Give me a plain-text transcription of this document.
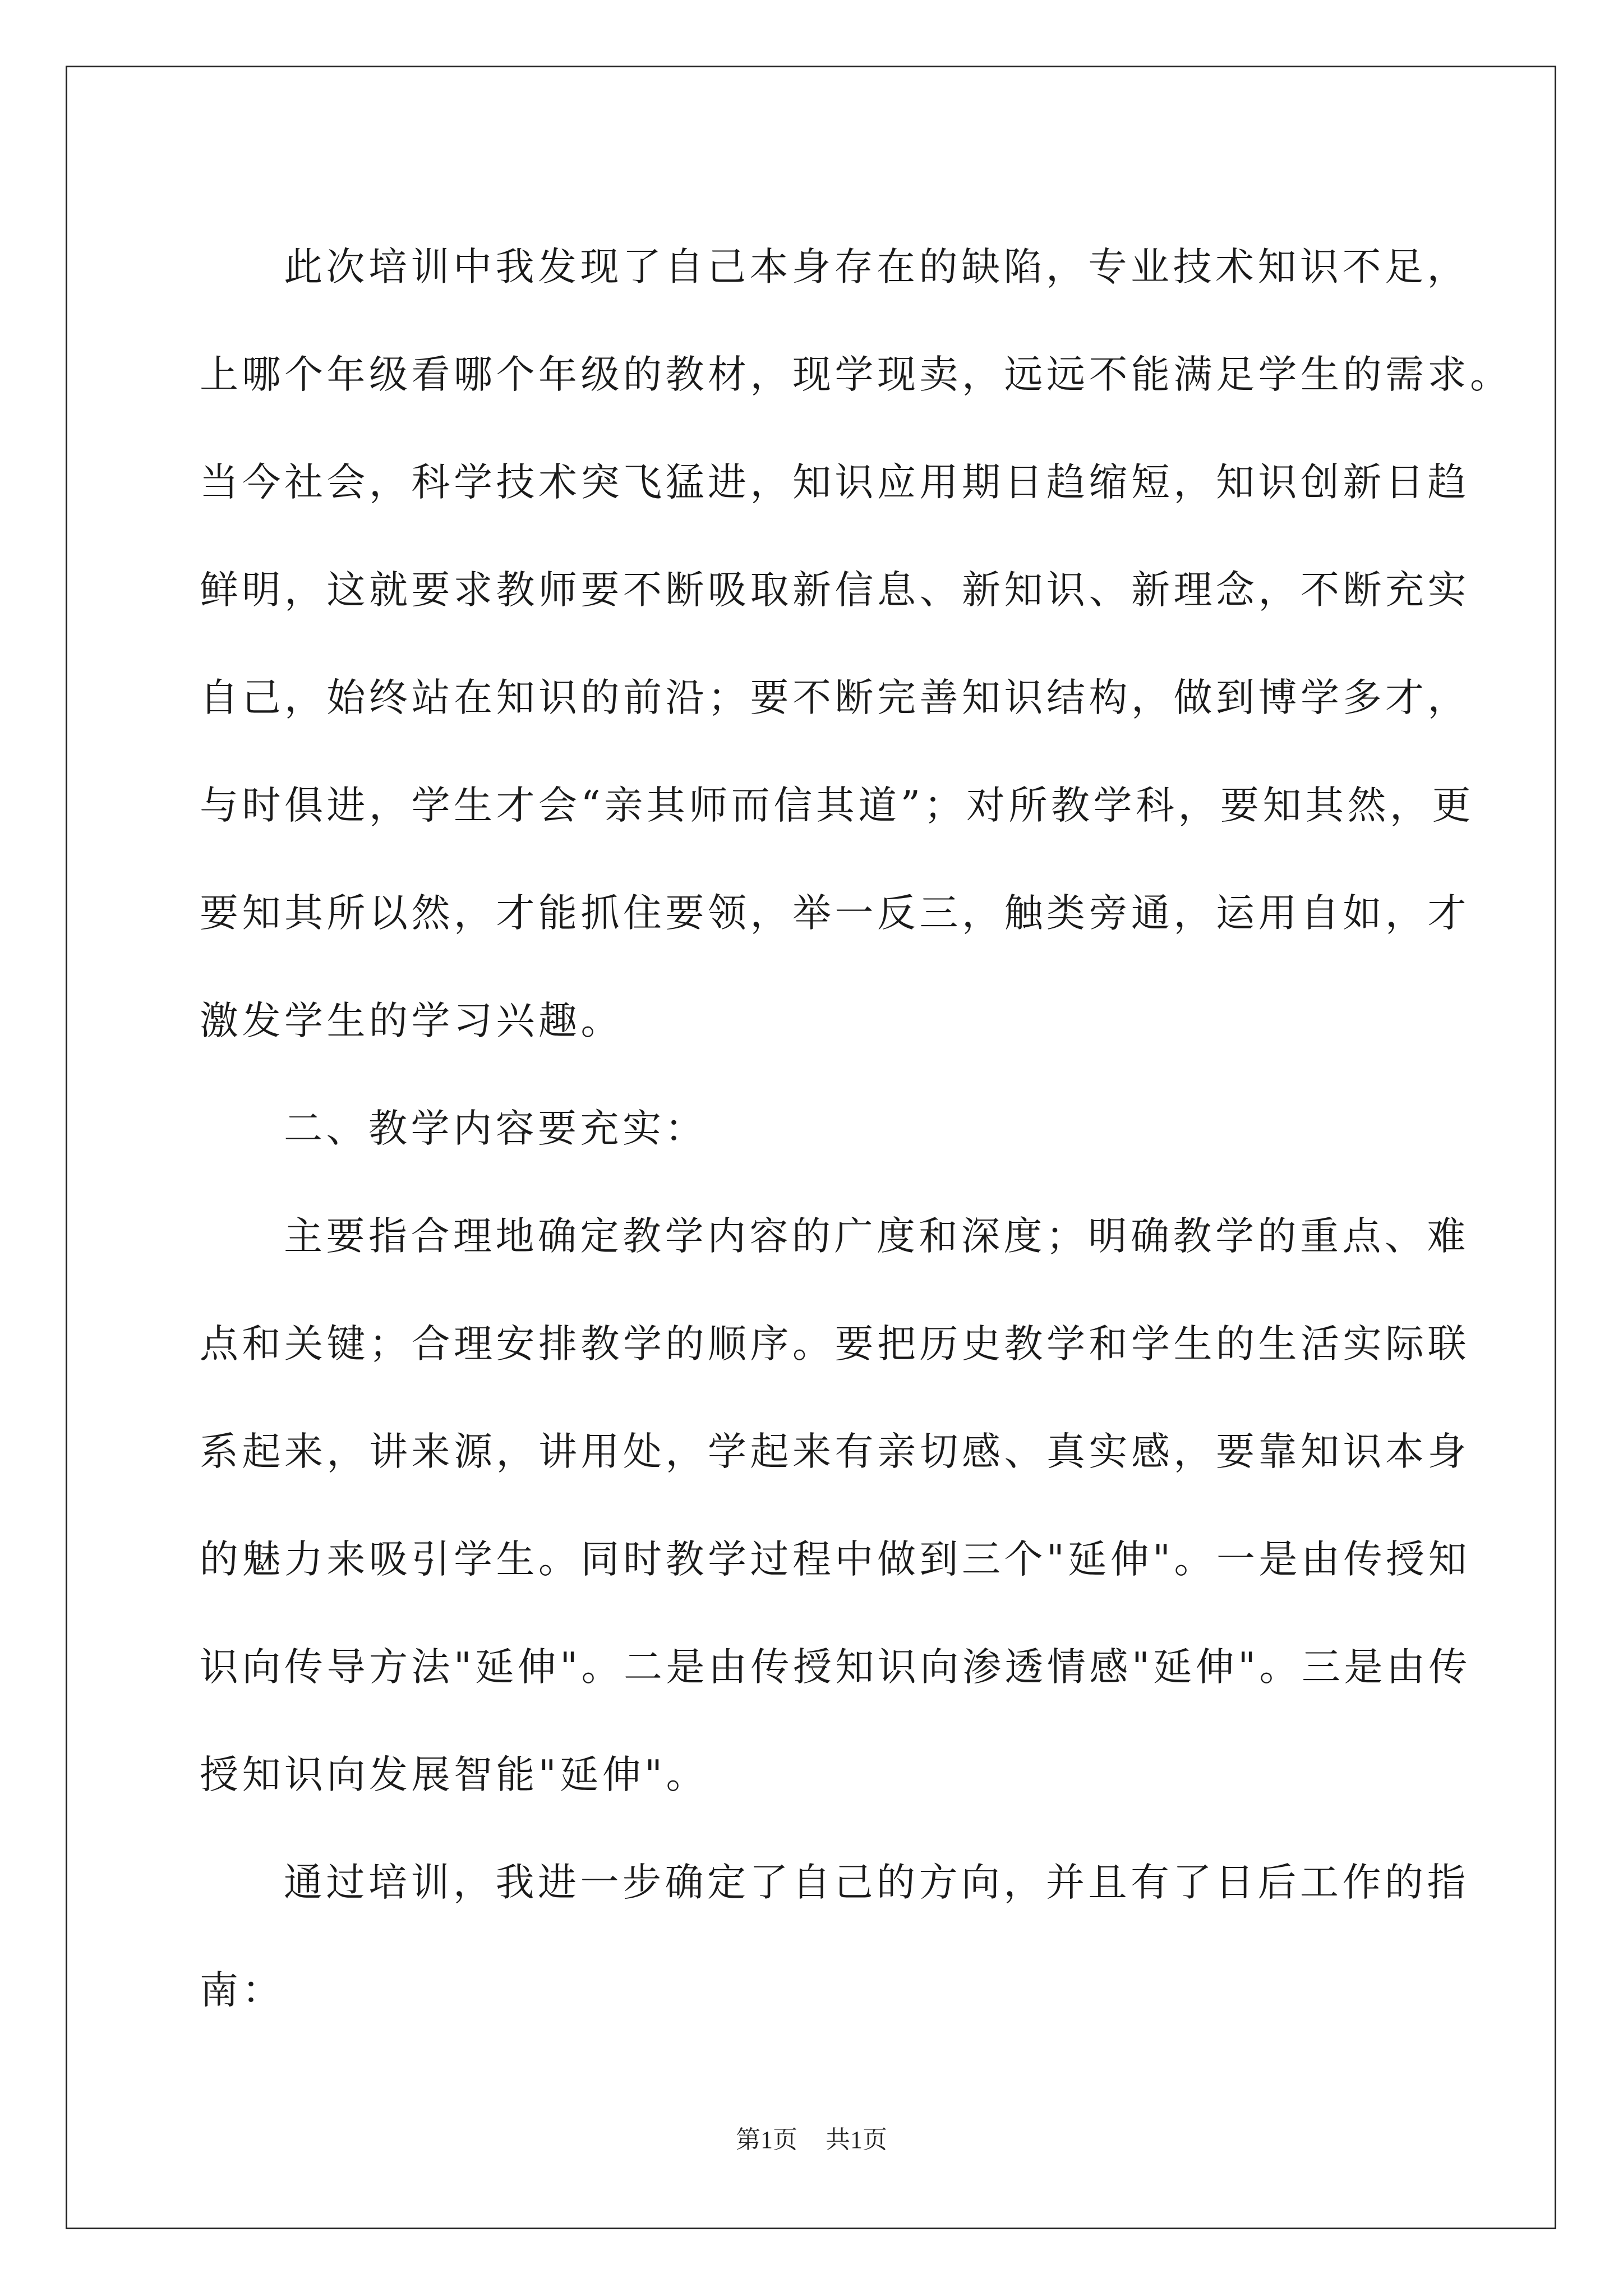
此次培训中我发现了自己本身存在的缺陷，专业技术知识不足，
上哪个年级看哪个年级的教材，现学现卖，远远不能满足学生的需求。
当今社会，科学技术突飞猛进，知识应用期日趋缩短，知识创新日趋
鲜明，这就要求教师要不断吸取新信息、新知识、新理念，不断充实
自己，始终站在知识的前沿；要不断完善知识结构，做到博学多才，
与时俱进，学生才会“亲其师而信其道”；对所教学科，要知其然，更
要知其所以然，才能抓住要领，举一反三，触类旁通，运用自如，才
激发学生的学习兴趣。
二、教学内容要充实：
主要指合理地确定教学内容的广度和深度；明确教学的重点、难
点和关键；合理安排教学的顺序。要把历史教学和学生的生活实际联
系起来，讲来源，讲用处，学起来有亲切感、真实感，要靠知识本身
的魅力来吸引学生。同时教学过程中做到三个"延伸"。一是由传授知
识向传导方法"延伸"。二是由传授知识向渗透情感"延伸"。三是由传
授知识向发展智能"延伸"。
通过培训，我进一步确定了自己的方向，并且有了日后工作的指
南：
第1页 共1页
